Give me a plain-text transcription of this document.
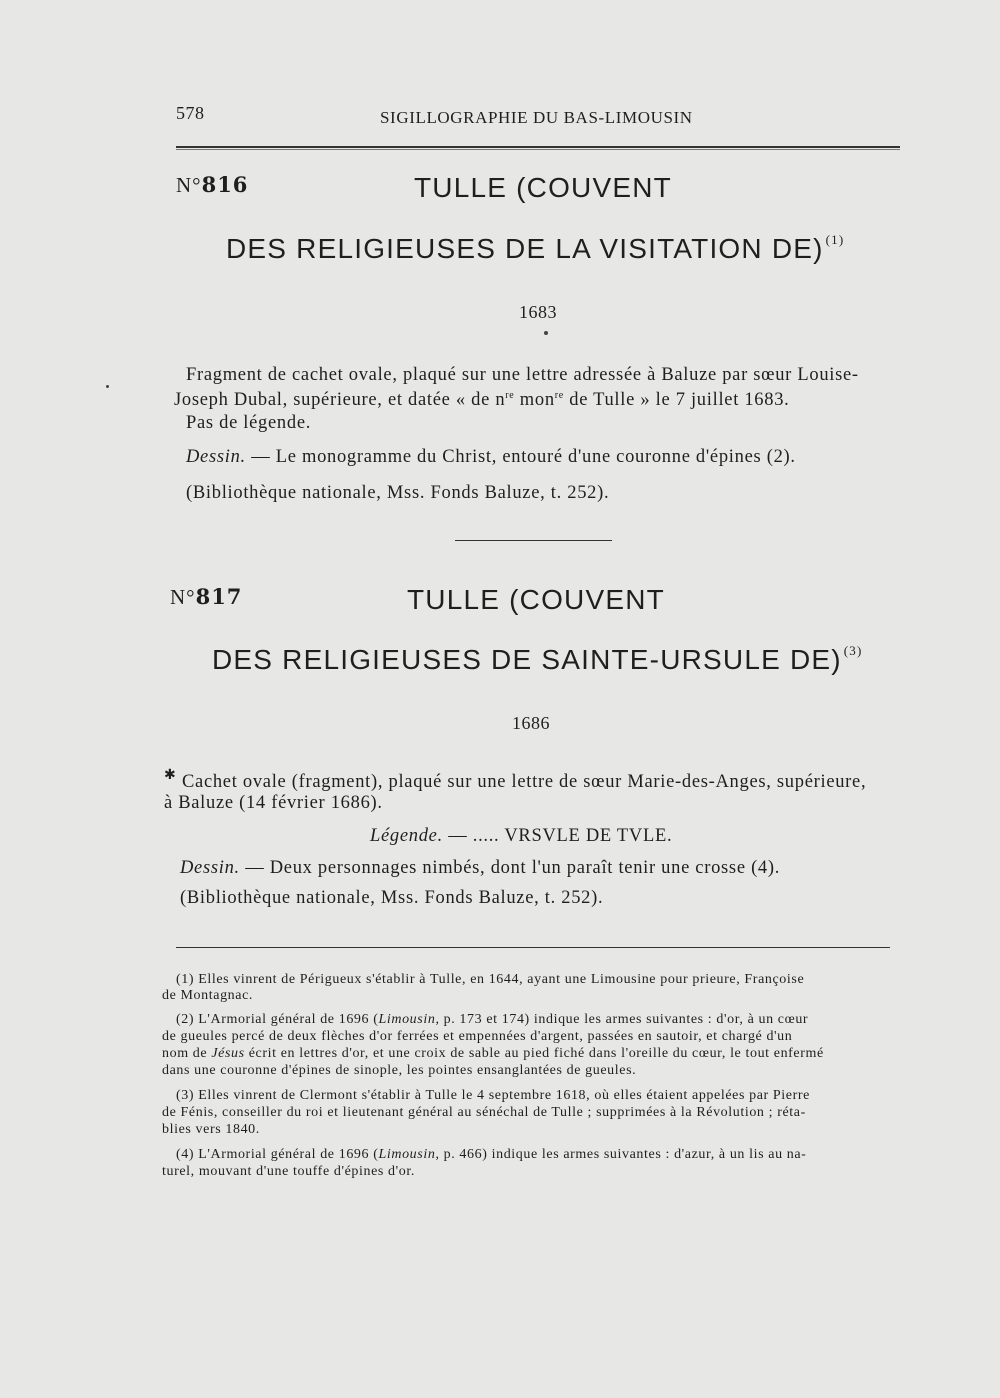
578	SIGILLOGRAPHIE DU BAS-LIMOUSIN
N°816	TULLE (COUVENT
DES RELIGIEUSES DE LA VISITATION DE) $^{(1)}$
1683
Fragment de cachet ovale, plaqué sur une lettre adressée à Baluze par sœur Louise-
Joseph Dubal, supérieure, et datée « de $n^{re}$ mon$^{re}$ de Tulle » le 7 juillet 1683.
Pas de légende.
Dessin. — Le monogramme du Christ, entouré d'une couronne d'épines (2).
(Bibliothèque nationale, Mss. Fonds Baluze, t. 252).
N°817	TULLE (COUVENT
DES RELIGIEUSES DE SAINTE-URSULE DE) $^{(3)}$
1686
✱ Cachet ovale (fragment), plaqué sur une lettre de sœur Marie-des-Anges, supérieure,
à Baluze (14 février 1686).
Légende. — ..... VRSVLE DE TVLE.
Dessin. — Deux personnages nimbés, dont l'un paraît tenir une crosse (4).
(Bibliothèque nationale, Mss. Fonds Baluze, t. 252).
(1) Elles vinrent de Périgueux s'établir à Tulle, en 1644, ayant une Limousine pour prieure, Françoise
de Montagnac.
(2) L'Armorial général de 1696 (Limousin, p. 173 et 174) indique les armes suivantes : d'or, à un cœur
de gueules percé de deux flèches d'or ferrées et empennées d'argent, passées en sautoir, et chargé d'un
nom de Jésus écrit en lettres d'or, et une croix de sable au pied fiché dans l'oreille du cœur, le tout enfermé
dans une couronne d'épines de sinople, les pointes ensanglantées de gueules.
(3) Elles vinrent de Clermont s'établir à Tulle le 4 septembre 1618, où elles étaient appelées par Pierre
de Fénis, conseiller du roi et lieutenant général au sénéchal de Tulle ; supprimées à la Révolution ; réta-
blies vers 1840.
(4) L'Armorial général de 1696 (Limousin, p. 466) indique les armes suivantes : d'azur, à un lis au na-
turel, mouvant d'une touffe d'épines d'or.
